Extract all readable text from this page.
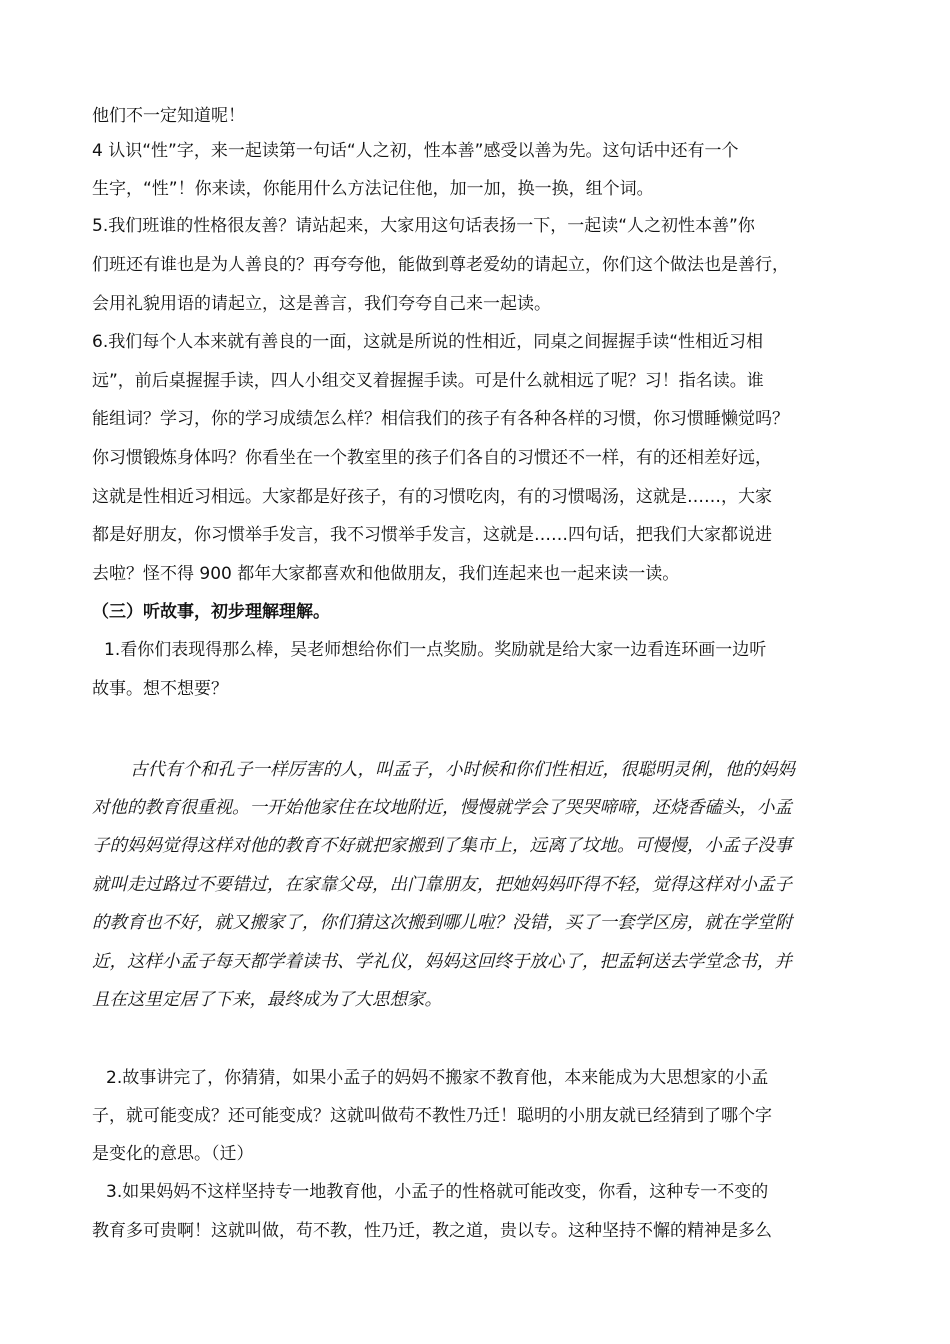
他们不一定知道呢！
4 认识“性”字，来一起读第一句话“人之初，性本善”感受以善为先。这句话中还有一个
生字，“性”！你来读，你能用什么方法记住他，加一加，换一换，组个词。
5.我们班谁的性格很友善？请站起来，大家用这句话表扬一下，一起读“人之初性本善”你
们班还有谁也是为人善良的？再夸夸他，能做到尊老爱幼的请起立，你们这个做法也是善行，
会用礼貌用语的请起立，这是善言，我们夸夸自己来一起读。
6.我们每个人本来就有善良的一面，这就是所说的性相近，同桌之间握握手读“性相近习相
远”，前后桌握握手读，四人小组交叉着握握手读。可是什么就相远了呢？习！指名读。谁
能组词？学习，你的学习成绩怎么样？相信我们的孩子有各种各样的习惯，你习惯睡懒觉吗？
你习惯锻炼身体吗？你看坐在一个教室里的孩子们各自的习惯还不一样，有的还相差好远，
这就是性相近习相远。大家都是好孩子，有的习惯吃肉，有的习惯喝汤，这就是……，大家
都是好朋友，你习惯举手发言，我不习惯举手发言，这就是……四句话，把我们大家都说进
去啦？怪不得 900 都年大家都喜欢和他做朋友，我们连起来也一起来读一读。
（三）听故事，初步理解理解。
1.看你们表现得那么棒，吴老师想给你们一点奖励。奖励就是给大家一边看连环画一边听
故事。想不想要？
古代有个和孔子一样厉害的人，叫孟子，小时候和你们性相近，很聪明灵俐，他的妈妈
对他的教育很重视。一开始他家住在坟地附近，慢慢就学会了哭哭啼啼，还烧香磕头，小孟
子的妈妈觉得这样对他的教育不好就把家搬到了集市上，远离了坟地。可慢慢，小孟子没事
就叫走过路过不要错过，在家靠父母，出门靠朋友，把她妈妈吓得不轻，觉得这样对小孟子
的教育也不好，就又搬家了，你们猜这次搬到哪儿啦？没错，买了一套学区房，就在学堂附
近，这样小孟子每天都学着读书、学礼仪，妈妈这回终于放心了，把孟轲送去学堂念书，并
且在这里定居了下来，最终成为了大思想家。
2.故事讲完了，你猜猜，如果小孟子的妈妈不搬家不教育他，本来能成为大思想家的小孟
子，就可能变成？还可能变成？这就叫做苟不教性乃迁！聪明的小朋友就已经猜到了哪个字
是变化的意思。（迁）
3.如果妈妈不这样坚持专一地教育他，小孟子的性格就可能改变，你看，这种专一不变的
教育多可贵啊！这就叫做，苟不教，性乃迁，教之道，贵以专。这种坚持不懈的精神是多么
